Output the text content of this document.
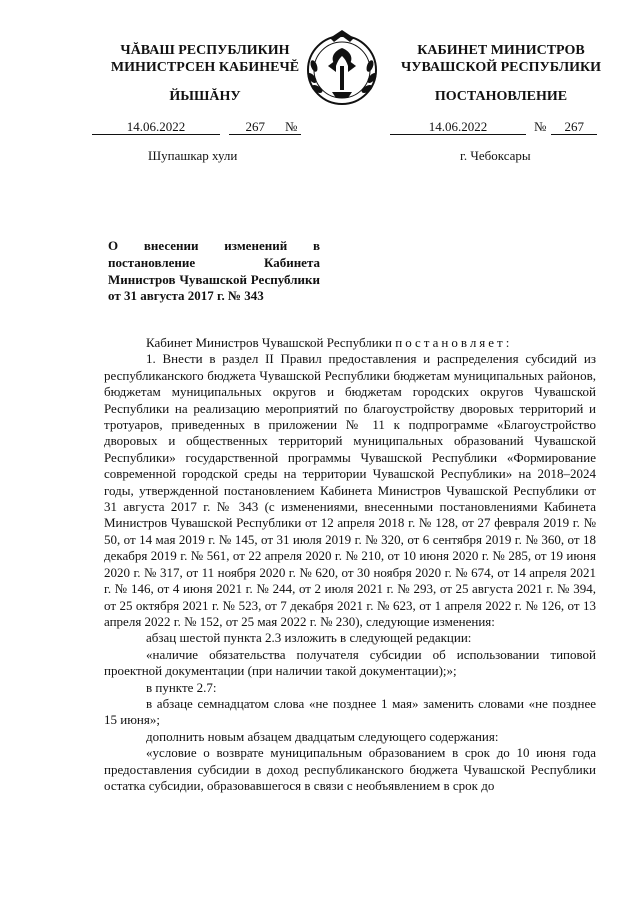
ЧĂВАШ РЕСПУБЛИКИН
МИНИСТРСЕН КАБИНЕЧĔ
ЙЫШĂНУ
КАБИНЕТ МИНИСТРОВ
ЧУВАШСКОЙ РЕСПУБЛИКИ
ПОСТАНОВЛЕНИЕ
14.06.2022	267 №	14.06.2022	№ 267
Шупашкар хули	г. Чебоксары
О внесении изменений в постановление Кабинета Министров Чувашской Республики от 31 августа 2017 г. № 343

Кабинет Министров Чувашской Республики постановляет:

1. Внести в раздел II Правил предоставления и распределения субсидий из республиканского бюджета Чувашской Республики бюджетам муниципальных районов, бюджетам муниципальных округов и бюджетам городских округов Чувашской Республики на реализацию мероприятий по благоустройству дворовых территорий и тротуаров, приведенных в приложении № 11 к подпрограмме «Благоустройство дворовых и общественных территорий муниципальных образований Чувашской Республики» государственной программы Чувашской Республики «Формирование современной городской среды на территории Чувашской Республики» на 2018–2024 годы, утвержденной постановлением Кабинета Министров Чувашской Республики от 31 августа 2017 г. № 343 (с изменениями, внесенными постановлениями Кабинета Министров Чувашской Республики от 12 апреля 2018 г. № 128, от 27 февраля 2019 г. № 50, от 14 мая 2019 г. № 145, от 31 июля 2019 г. № 320, от 6 сентября 2019 г. № 360, от 18 декабря 2019 г. № 561, от 22 апреля 2020 г. № 210, от 10 июня 2020 г. № 285, от 19 июня 2020 г. № 317, от 11 ноября 2020 г. № 620, от 30 ноября 2020 г. № 674, от 14 апреля 2021 г. № 146, от 4 июня 2021 г. № 244, от 2 июля 2021 г. № 293, от 25 августа 2021 г. № 394, от 25 октября 2021 г. № 523, от 7 декабря 2021 г. № 623, от 1 апреля 2022 г. № 126, от 13 апреля 2022 г. № 152, от 25 мая 2022 г. № 230), следующие изменения:

абзац шестой пункта 2.3 изложить в следующей редакции:

«наличие обязательства получателя субсидии об использовании типовой проектной документации (при наличии такой документации);»;

в пункте 2.7:

в абзаце семнадцатом слова «не позднее 1 мая» заменить словами «не позднее 15 июня»;

дополнить новым абзацем двадцатым следующего содержания:

«условие о возврате муниципальным образованием в срок до 10 июня года предоставления субсидии в доход республиканского бюджета Чувашской Республики остатка субсидии, образовавшегося в связи с необъявлением в срок до
